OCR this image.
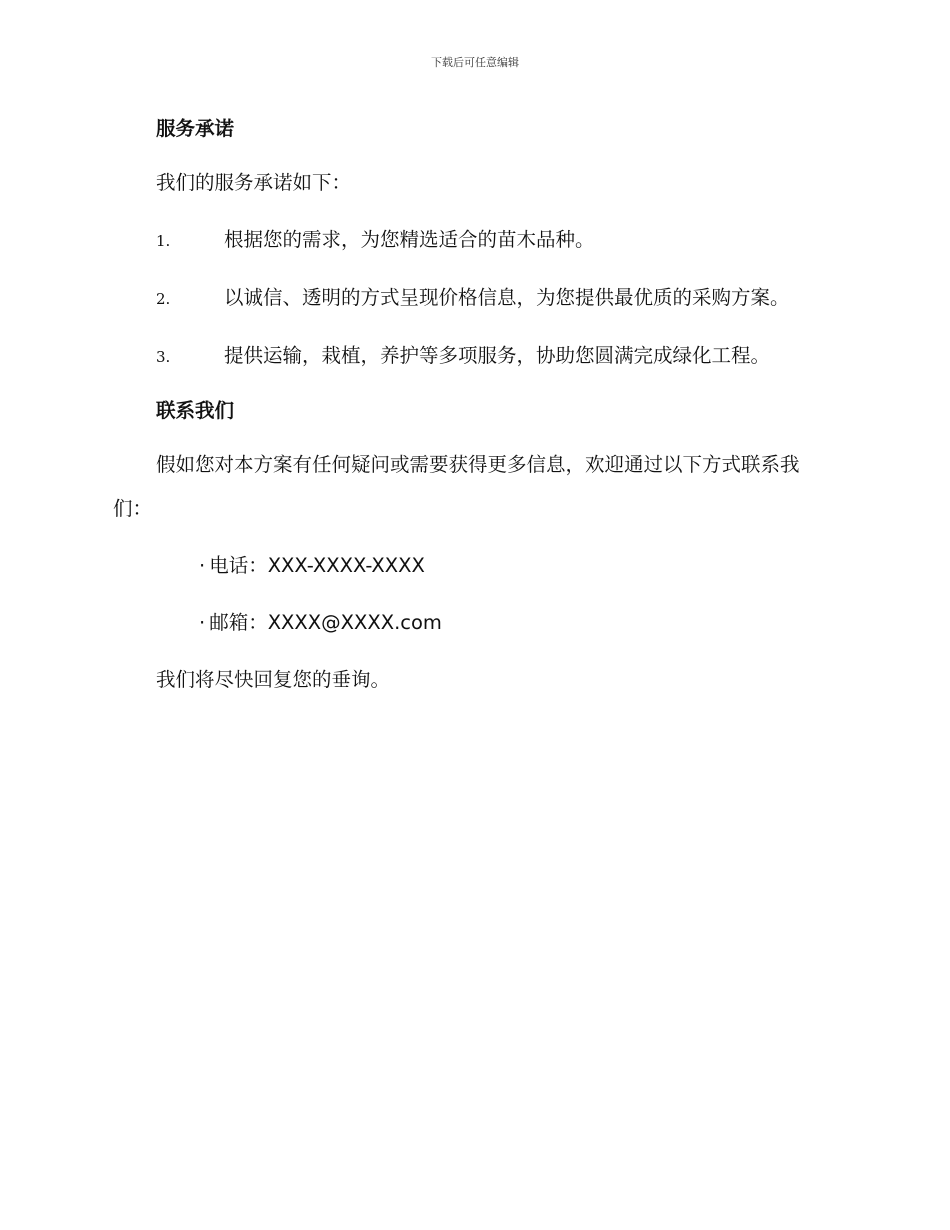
下载后可任意编辑
服务承诺
我们的服务承诺如下：
1.	根据您的需求，为您精选适合的苗木品种。
2.	以诚信、透明的方式呈现价格信息，为您提供最优质的采购方案。
3.	提供运输，栽植，养护等多项服务，协助您圆满完成绿化工程。
联系我们
假如您对本方案有任何疑问或需要获得更多信息，欢迎通过以下方式联系我们：
· 电话：XXX-XXXX-XXXX
· 邮箱：XXXX@XXXX.com
我们将尽快回复您的垂询。
